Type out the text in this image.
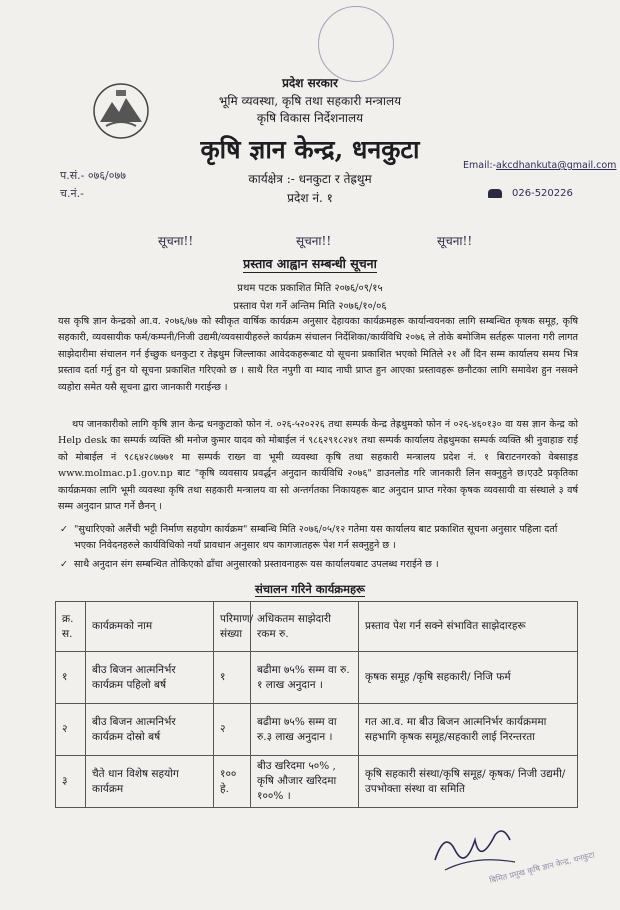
प्रदेश सरकार
भूमि व्यवस्था, कृषि तथा सहकारी मन्त्रालय
कृषि विकास निर्देशनालय
कृषि ज्ञान केन्द्र, धनकुटा
कार्यक्षेत्र :- धनकुटा र तेह्रथुम
प्रदेश नं. १
प.सं.- ०७६/०७७
च.नं.-
Email:-akcdhankuta@gmail.com
026-520226
सूचना!!	सूचना!!	सूचना!!
प्रस्ताव आह्वान सम्बन्धी सूचना
प्रथम पटक प्रकाशित मिति २०७६/०९/१५
प्रस्ताव पेश गर्ने अन्तिम मिति २०७६/१०/०६
यस कृषि ज्ञान केन्द्रको आ.व. २०७६/७७ को स्वीकृत वार्षिक कार्यक्रम अनुसार देहायका कार्यक्रमहरू कार्यान्वयनका लागि सम्बन्धित कृषक समूह, कृषि सहकारी, व्यवसायीक फर्म/कम्पनी/निजी उद्यमी/व्यवसायीहरुले कार्यक्रम संचालन निर्देशिका/कार्यविधि २०७६ ले तोके बमोजिम सर्तहरू पालना गरी लागत साझेदारीमा संचालन गर्न ईच्छुक धनकुटा र तेह्रथुम जिल्लाका आवेदकहरूबाट यो सूचना प्रकाशित भएको मितिले २१ औं दिन सम्म कार्यालय समय भित्र प्रस्ताव दर्ता गर्नु हुन यो सूचना प्रकाशित गरिएको छ । साथै रित नपुगी वा म्याद नाघी प्राप्त हुन आएका प्रस्तावहरू छनौटका लागि समावेश हुन नसक्ने व्यहोरा समेत यसै सूचना द्वारा जानकारी गराईन्छ ।
थप जानकारीको लागि कृषि ज्ञान केन्द्र धनकुटाको फोन नं. ०२६-५२०२२६ तथा सम्पर्क केन्द्र तेह्रथुमको फोन नं ०२६-४६०१३० वा यस ज्ञान केन्द्र को Help desk का सम्पर्क व्यक्ति श्री मनोज कुमार यादव को मोबाईल नं ९८६२९१८२४१ तथा सम्पर्क कार्यालय तेह्रथुमका सम्पर्क व्यक्ति श्री नुवाहाङ राई को मोबाईल नं ९८६४२८७७७१ मा सम्पर्क राख्न वा भूमी व्यवस्था कृषि तथा सहकारी मन्त्रालय प्रदेश नं. १ बिराटनगरको वेबसाइड www.molmac.p1.gov.np बाट "कृषि व्यवसाय प्रवर्द्धन अनुदान कार्यविधि २०७६" डाउनलोड गरि जानकारी लिन सक्नुहुने छ।एउटै प्रकृतिका कार्यक्रमका लागि भूमी व्यवस्था कृषि तथा सहकारी मन्त्रालय वा सो अन्तर्गतका निकायहरू बाट अनुदान प्राप्त गरेका कृषक व्यवसायी वा संस्थाले ३ वर्ष सम्म अनुदान प्राप्त गर्ने छैनन् ।
✓ "सुधारिएको अलैंची भट्टी निर्माण सहयोग कार्यक्रम" सम्बन्धि मिति २०७६/०५/१२ गतेमा यस कार्यालय बाट प्रकाशित सूचना अनुसार पहिला दर्ता भएका निवेदनहरुले कार्यविधिको नयाँ प्रावधान अनुसार थप कागजातहरू पेश गर्न सक्नुहुने छ ।
✓ साथै अनुदान संग सम्बन्धित तोकिएको ढाँचा अनुसारको प्रस्तावनाहरू यस कार्यालयबाट उपलब्ध गराईने छ ।
संचालन गरिने कार्यक्रमहरू
क्र. स.	कार्यक्रमको नाम	परिमाण/संख्या	अधिकतम साझेदारी रकम रु.	प्रस्ताव पेश गर्न सक्ने संभावित साझेदारहरू
१	बीउ बिजन आत्मनिर्भर कार्यक्रम पहिलो बर्ष	१	बढीमा ७५% सम्म वा रु. १ लाख अनुदान ।	कृषक समूह /कृषि सहकारी/ निजि फर्म
२	बीउ बिजन आत्मनिर्भर कार्यक्रम दोस्रो बर्ष	२	बढीमा ७५% सम्म वा रु.३ लाख अनुदान ।	गत आ.व. मा बीउ बिजन आत्मनिर्भर कार्यक्रममा सहभागि कृषक समूह/सहकारी लाई निरन्तरता
३	चैते धान विशेष सहयोग कार्यक्रम	१०० हे.	बीउ खरिदमा ५०% , कृषि औजार खरिदमा १००% ।	कृषि सहकारी संस्था/कृषि समूह/ कृषक/ निजी उद्यमी/ उपभोक्ता संस्था वा समिति
बिमित प्रमुख कृषि ज्ञान केन्द्र, धनकुटा
